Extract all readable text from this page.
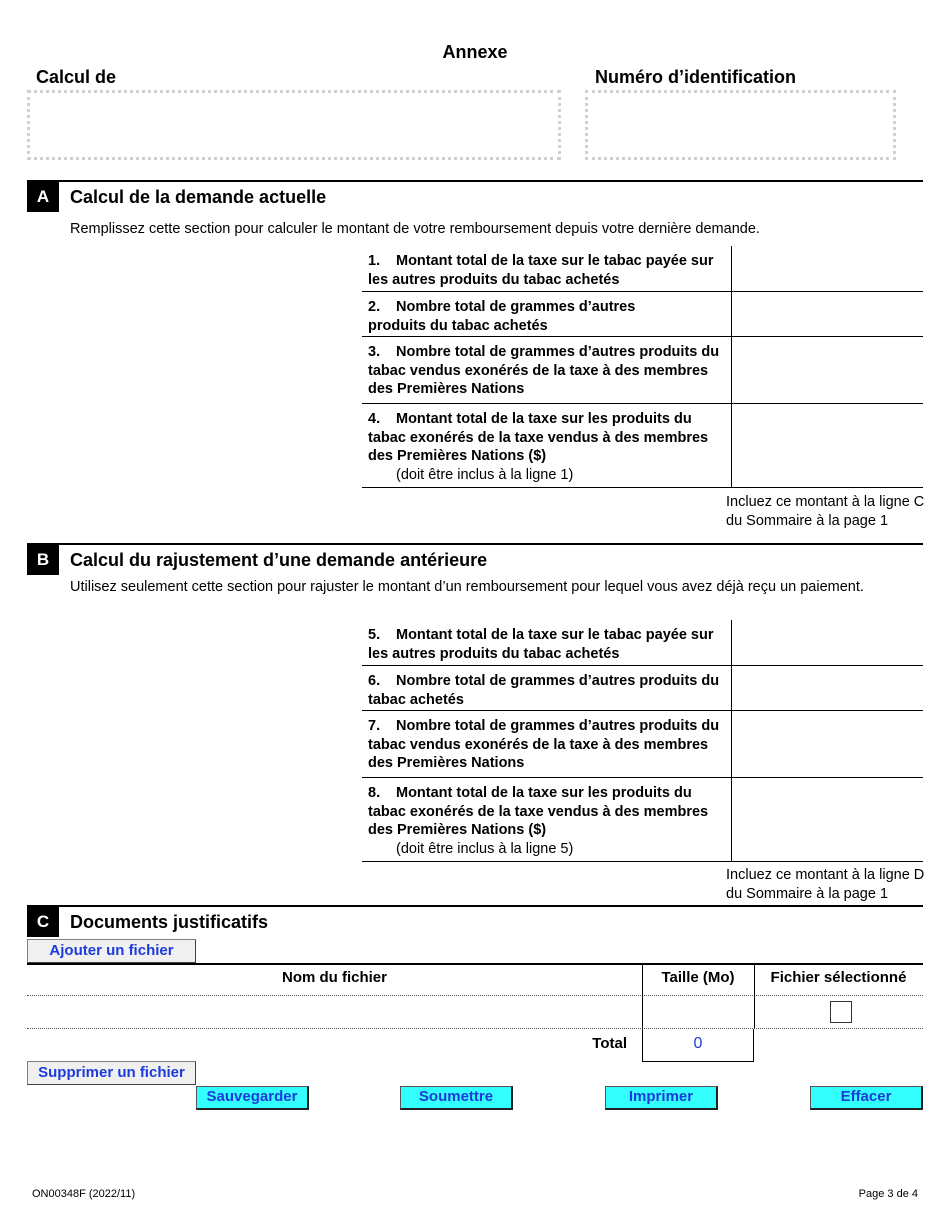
Annexe
Calcul de	Numéro d’identification
A	Calcul de la demande actuelle
Remplissez cette section pour calculer le montant de votre remboursement depuis votre dernière demande.
1. Montant total de la taxe sur le tabac payée sur les autres produits du tabac achetés
2. Nombre total de grammes d’autres produits du tabac achetés
3. Nombre total de grammes d’autres produits du tabac vendus exonérés de la taxe à des membres des Premières Nations
4. Montant total de la taxe sur les produits du tabac exonérés de la taxe vendus à des membres des Premières Nations ($)
(doit être inclus à la ligne 1)
Incluez ce montant à la ligne C
du Sommaire à la page 1
B	Calcul du rajustement d’une demande antérieure
Utilisez seulement cette section pour rajuster le montant d’un remboursement pour lequel vous avez déjà reçu un paiement.
5. Montant total de la taxe sur le tabac payée sur les autres produits du tabac achetés
6. Nombre total de grammes d’autres produits du tabac achetés
7. Nombre total de grammes d’autres produits du tabac vendus exonérés de la taxe à des membres des Premières Nations
8. Montant total de la taxe sur les produits du tabac exonérés de la taxe vendus à des membres des Premières Nations ($)
(doit être inclus à la ligne 5)
Incluez ce montant à la ligne D
du Sommaire à la page 1
C	Documents justificatifs
Ajouter un fichier
Nom du fichier	Taille (Mo)	Fichier sélectionné
Total	0
Supprimer un fichier
Sauvegarder	Soumettre	Imprimer	Effacer
ON00348F (2022/11)	Page 3 de 4
